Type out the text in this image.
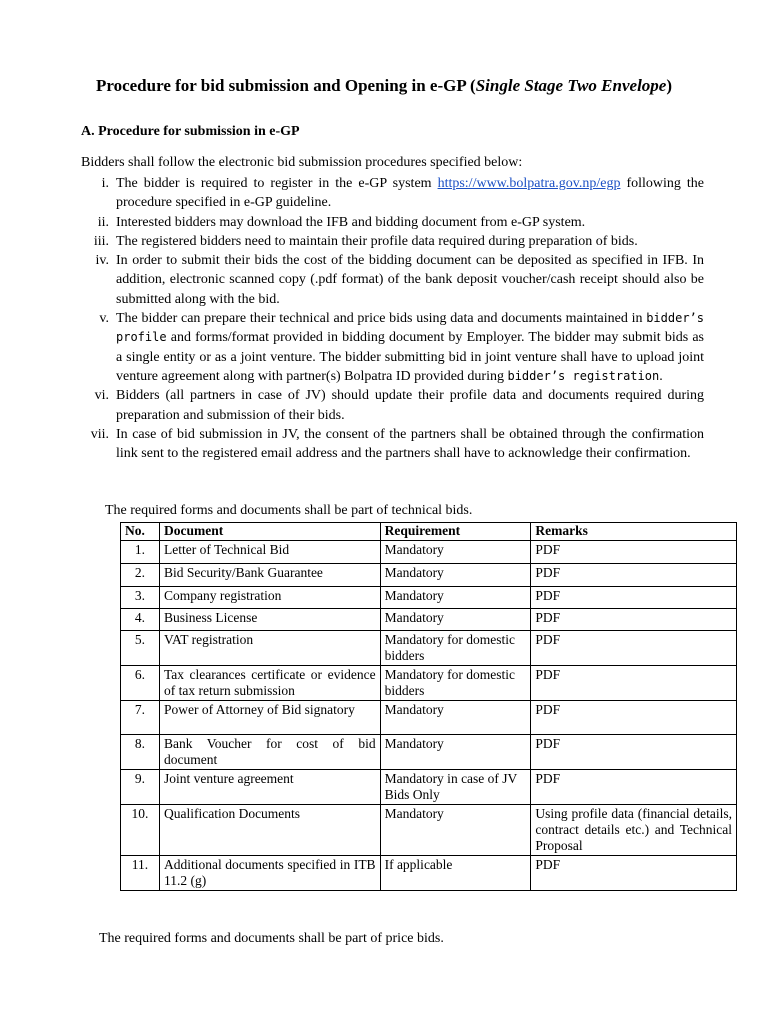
Procedure for bid submission and Opening in e-GP (Single Stage Two Envelope)
A. Procedure for submission in e-GP
Bidders shall follow the electronic bid submission procedures specified below:
i. The bidder is required to register in the e-GP system https://www.bolpatra.gov.np/egp following the procedure specified in e-GP guideline.
ii. Interested bidders may download the IFB and bidding document from e-GP system.
iii. The registered bidders need to maintain their profile data required during preparation of bids.
iv. In order to submit their bids the cost of the bidding document can be deposited as specified in IFB. In addition, electronic scanned copy (.pdf format) of the bank deposit voucher/cash receipt should also be submitted along with the bid.
v. The bidder can prepare their technical and price bids using data and documents maintained in bidder’s profile and forms/format provided in bidding document by Employer. The bidder may submit bids as a single entity or as a joint venture. The bidder submitting bid in joint venture shall have to upload joint venture agreement along with partner(s) Bolpatra ID provided during bidder’s registration.
vi. Bidders (all partners in case of JV) should update their profile data and documents required during preparation and submission of their bids.
vii. In case of bid submission in JV, the consent of the partners shall be obtained through the confirmation link sent to the registered email address and the partners shall have to acknowledge their confirmation.
The required forms and documents shall be part of technical bids.
No.	Document	Requirement	Remarks
1.	Letter of Technical Bid	Mandatory	PDF
2.	Bid Security/Bank Guarantee	Mandatory	PDF
3.	Company registration	Mandatory	PDF
4.	Business License	Mandatory	PDF
5.	VAT registration	Mandatory for domestic bidders	PDF
6.	Tax clearances certificate or evidence of tax return submission	Mandatory for domestic bidders	PDF
7.	Power of Attorney of Bid signatory	Mandatory	PDF
8.	Bank Voucher for cost of bid document	Mandatory	PDF
9.	Joint venture agreement	Mandatory in case of JV Bids Only	PDF
10.	Qualification Documents	Mandatory	Using profile data (financial details, contract details etc.) and Technical Proposal
11.	Additional documents specified in ITB 11.2 (g)	If applicable	PDF
The required forms and documents shall be part of price bids.
